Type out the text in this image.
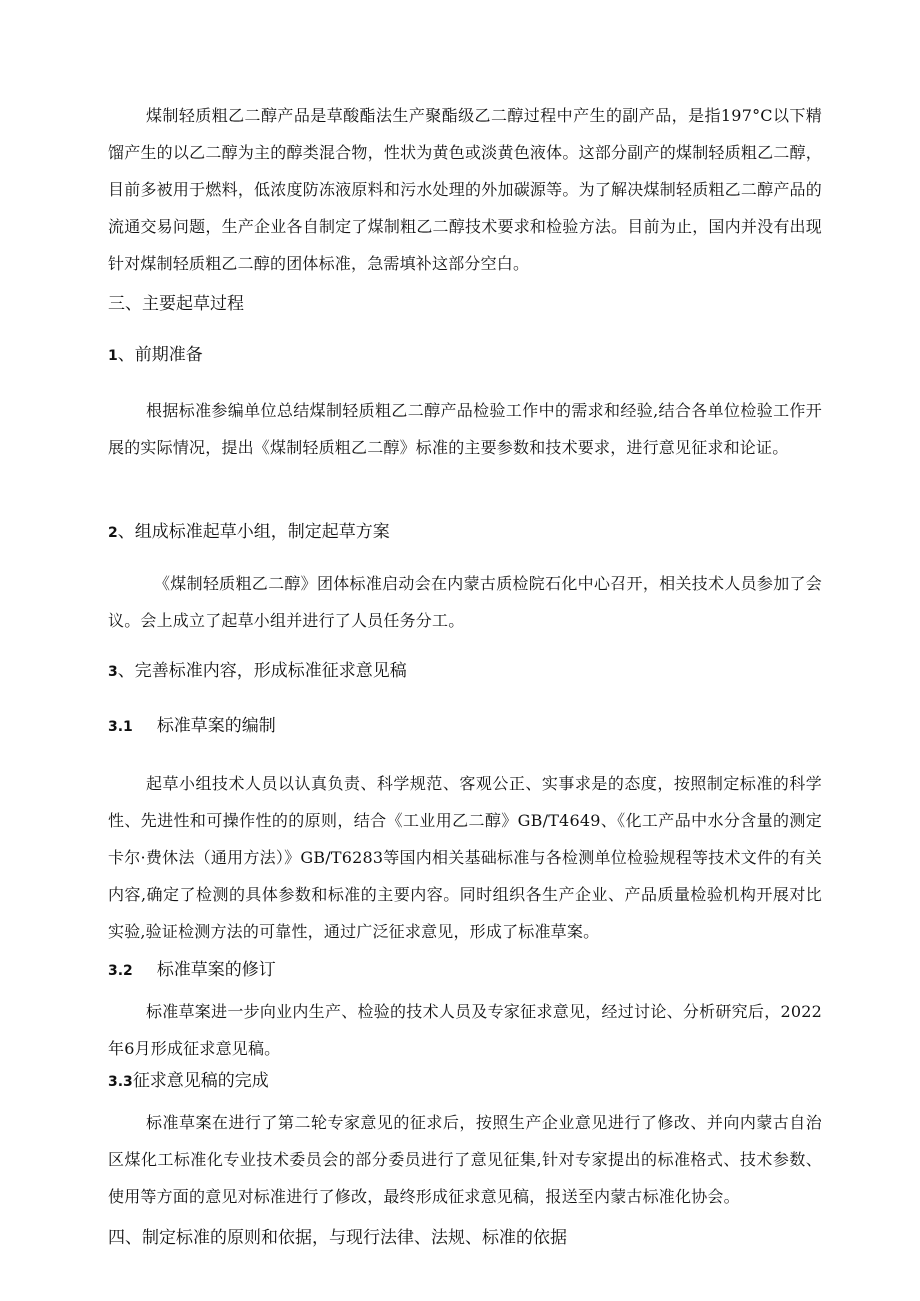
煤制轻质粗乙二醇产品是草酸酯法生产聚酯级乙二醇过程中产生的副产品，是指197°C以下精馏产生的以乙二醇为主的醇类混合物，性状为黄色或淡黄色液体。这部分副产的煤制轻质粗乙二醇，目前多被用于燃料，低浓度防冻液原料和污水处理的外加碳源等。为了解决煤制轻质粗乙二醇产品的流通交易问题，生产企业各自制定了煤制粗乙二醇技术要求和检验方法。目前为止，国内并没有出现针对煤制轻质粗乙二醇的团体标准，急需填补这部分空白。

三、主要起草过程
1、前期准备

根据标准参编单位总结煤制轻质粗乙二醇产品检验工作中的需求和经验,结合各单位检验工作开展的实际情况，提出《煤制轻质粗乙二醇》标准的主要参数和技术要求，进行意见征求和论证。

2、组成标准起草小组，制定起草方案

《煤制轻质粗乙二醇》团体标准启动会在内蒙古质检院石化中心召开，相关技术人员参加了会议。会上成立了起草小组并进行了人员任务分工。

3、完善标准内容，形成标准征求意见稿
3.1 标准草案的编制

起草小组技术人员以认真负责、科学规范、客观公正、实事求是的态度，按照制定标准的科学性、先进性和可操作性的的原则，结合《工业用乙二醇》GB/T4649、《化工产品中水分含量的测定卡尔·费休法（通用方法）》GB/T6283等国内相关基础标准与各检测单位检验规程等技术文件的有关内容,确定了检测的具体参数和标准的主要内容。同时组织各生产企业、产品质量检验机构开展对比实验,验证检测方法的可靠性，通过广泛征求意见，形成了标准草案。

3.2 标准草案的修订

标准草案进一步向业内生产、检验的技术人员及专家征求意见，经过讨论、分析研究后，2022年6月形成征求意见稿。

3.3征求意见稿的完成

标准草案在进行了第二轮专家意见的征求后，按照生产企业意见进行了修改、并向内蒙古自治区煤化工标准化专业技术委员会的部分委员进行了意见征集,针对专家提出的标准格式、技术参数、使用等方面的意见对标准进行了修改，最终形成征求意见稿，报送至内蒙古标准化协会。

四、制定标准的原则和依据，与现行法律、法规、标准的依据
